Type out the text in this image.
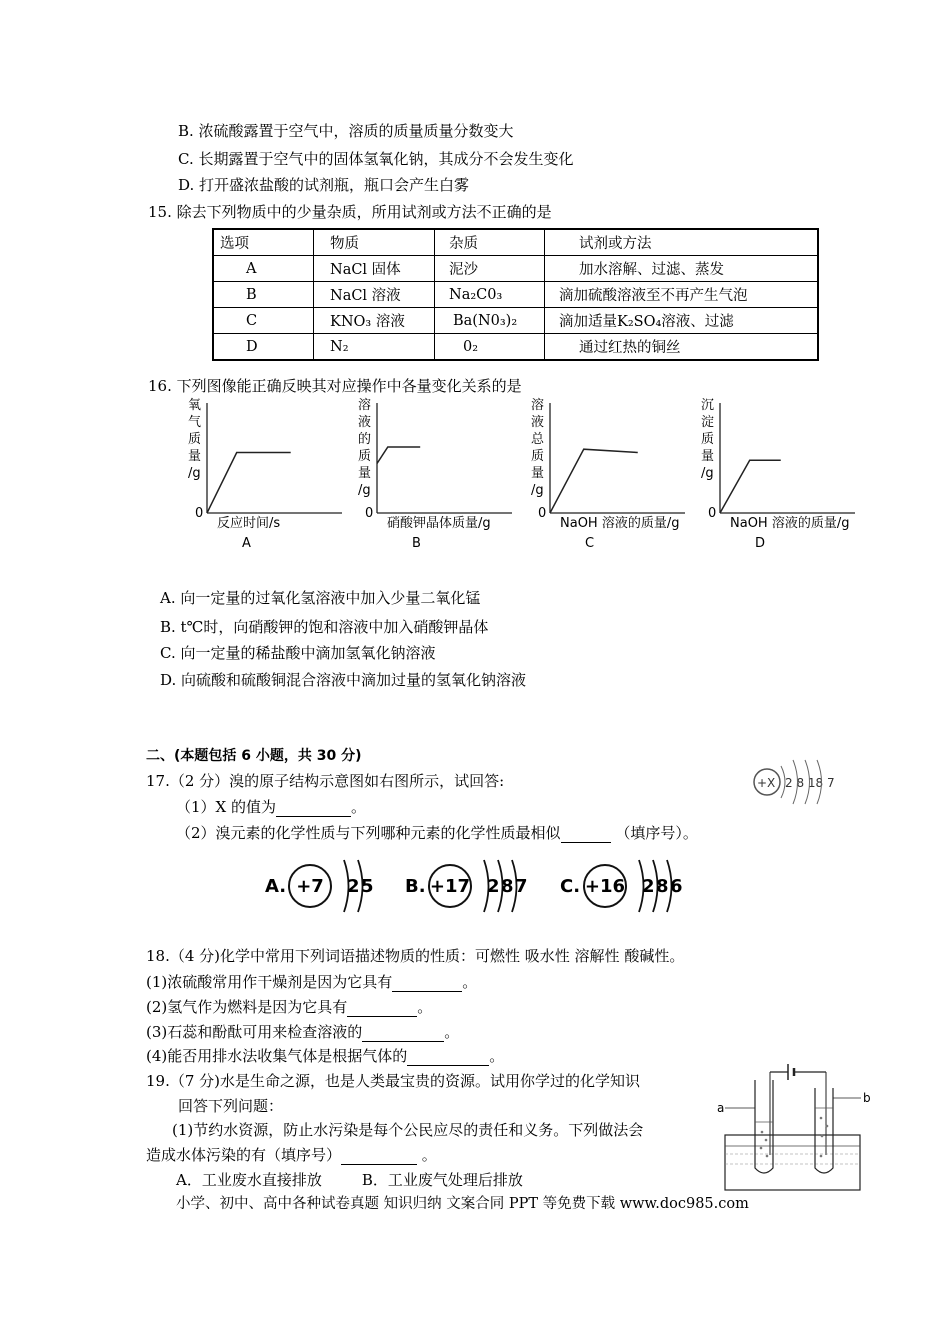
B. 浓硫酸露置于空气中，溶质的质量质量分数变大
C. 长期露置于空气中的固体氢氧化钠，其成分不会发生变化
D. 打开盛浓盐酸的试剂瓶，瓶口会产生白雾
15. 除去下列物质中的少量杂质，所用试剂或方法不正确的是
选项	物质	杂质	试剂或方法
A	NaCl 固体	泥沙	加水溶解、过滤、蒸发
B	NaCl 溶液	Na₂C0₃	滴加硫酸溶液至不再产生气泡
C	KNO₃ 溶液	Ba(N0₃)₂	滴加适量K₂SO₄溶液、过滤
D	N₂	0₂	通过红热的铜丝
16. 下列图像能正确反映其对应操作中各量变化关系的是
氧
气
质
量
/g
0
反应时间/s
A
溶
液
的
质
量
/g
0
硝酸钾晶体质量/g
B
溶
液
总
质
量
/g
0
NaOH 溶液的质量/g
C
沉
淀
质
量
/g
0
NaOH 溶液的质量/g
D
A. 向一定量的过氧化氢溶液中加入少量二氧化锰
B. t℃时，向硝酸钾的饱和溶液中加入硝酸钾晶体
C. 向一定量的稀盐酸中滴加氢氧化钠溶液
D. 向硫酸和硫酸铜混合溶液中滴加过量的氢氧化钠溶液
二、(本题包括 6 小题，共 30 分)
17.（2 分）溴的原子结构示意图如右图所示，试回答:
（1）X 的值为	。
（2）溴元素的化学性质与下列哪种元素的化学性质最相似	（填序号）。
+X 2 8 18 7
A. +7 2 5 B. +17 2 8 7 C. +16 2 8 6
18.（4 分)化学中常用下列词语描述物质的性质：可燃性 吸水性 溶解性 酸碱性。
(1)浓硫酸常用作干燥剂是因为它具有	。
(2)氢气作为燃料是因为它具有	。
(3)石蕊和酚酞可用来检查溶液的	。
(4)能否用排水法收集气体是根据气体的	。
19.（7 分)水是生命之源，也是人类最宝贵的资源。试用你学过的化学知识
回答下列问题：
(1)节约水资源，防止水污染是每个公民应尽的责任和义务。下列做法会
造成水体污染的有（填序号）	。
A．工业废水直接排放	B．工业废气处理后排放
a
b
小学、初中、高中各种试卷真题 知识归纳 文案合同 PPT 等免费下载 www.doc985.com
